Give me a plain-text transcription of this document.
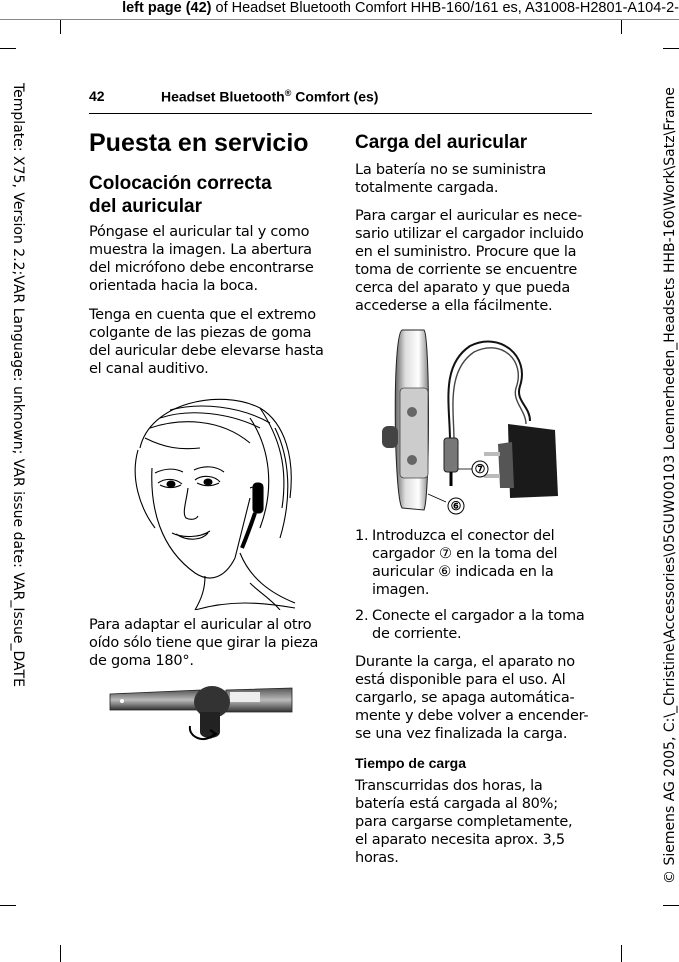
left page (42) of Headset Bluetooth Comfort HHB-160/161 es, A31008-H2801-A104-2-
Template: X75, Version 2.2;VAR Language: unknown; VAR issue date: VAR_Issue_DATE	© Siemens AG 2005, C:\_Christine\Accessories\05GUW00103 Loennerheden_Headsets HHB-160\Work\Satz\Frame
42	Headset Bluetooth® Comfort (es)
Puesta en servicio
Colocación correcta del auricular

Póngase el auricular tal y como muestra la imagen. La abertura del micrófono debe encontrarse orientada hacia la boca.

Tenga en cuenta que el extremo colgante de las piezas de goma del auricular debe elevarse hasta el canal auditivo.

Para adaptar el auricular al otro oído sólo tiene que girar la pieza de goma 180°.

Carga del auricular

La batería no se suministra totalmente cargada.

Para cargar el auricular es nece-sario utilizar el cargador incluido en el suministro. Procure que la toma de corriente se encuentre cerca del aparato y que pueda accederse a ella fácilmente.

⑦
⑥
1. Introduzca el conector del cargador ⑦ en la toma del auricular ⑥ indicada en la imagen.
2. Conecte el cargador a la toma de corriente.

Durante la carga, el aparato no está disponible para el uso. Al cargarlo, se apaga automática-mente y debe volver a encender-se una vez finalizada la carga.

Tiempo de carga

Transcurridas dos horas, la batería está cargada al 80%; para cargarse completamente, el aparato necesita aprox. 3,5 horas.
